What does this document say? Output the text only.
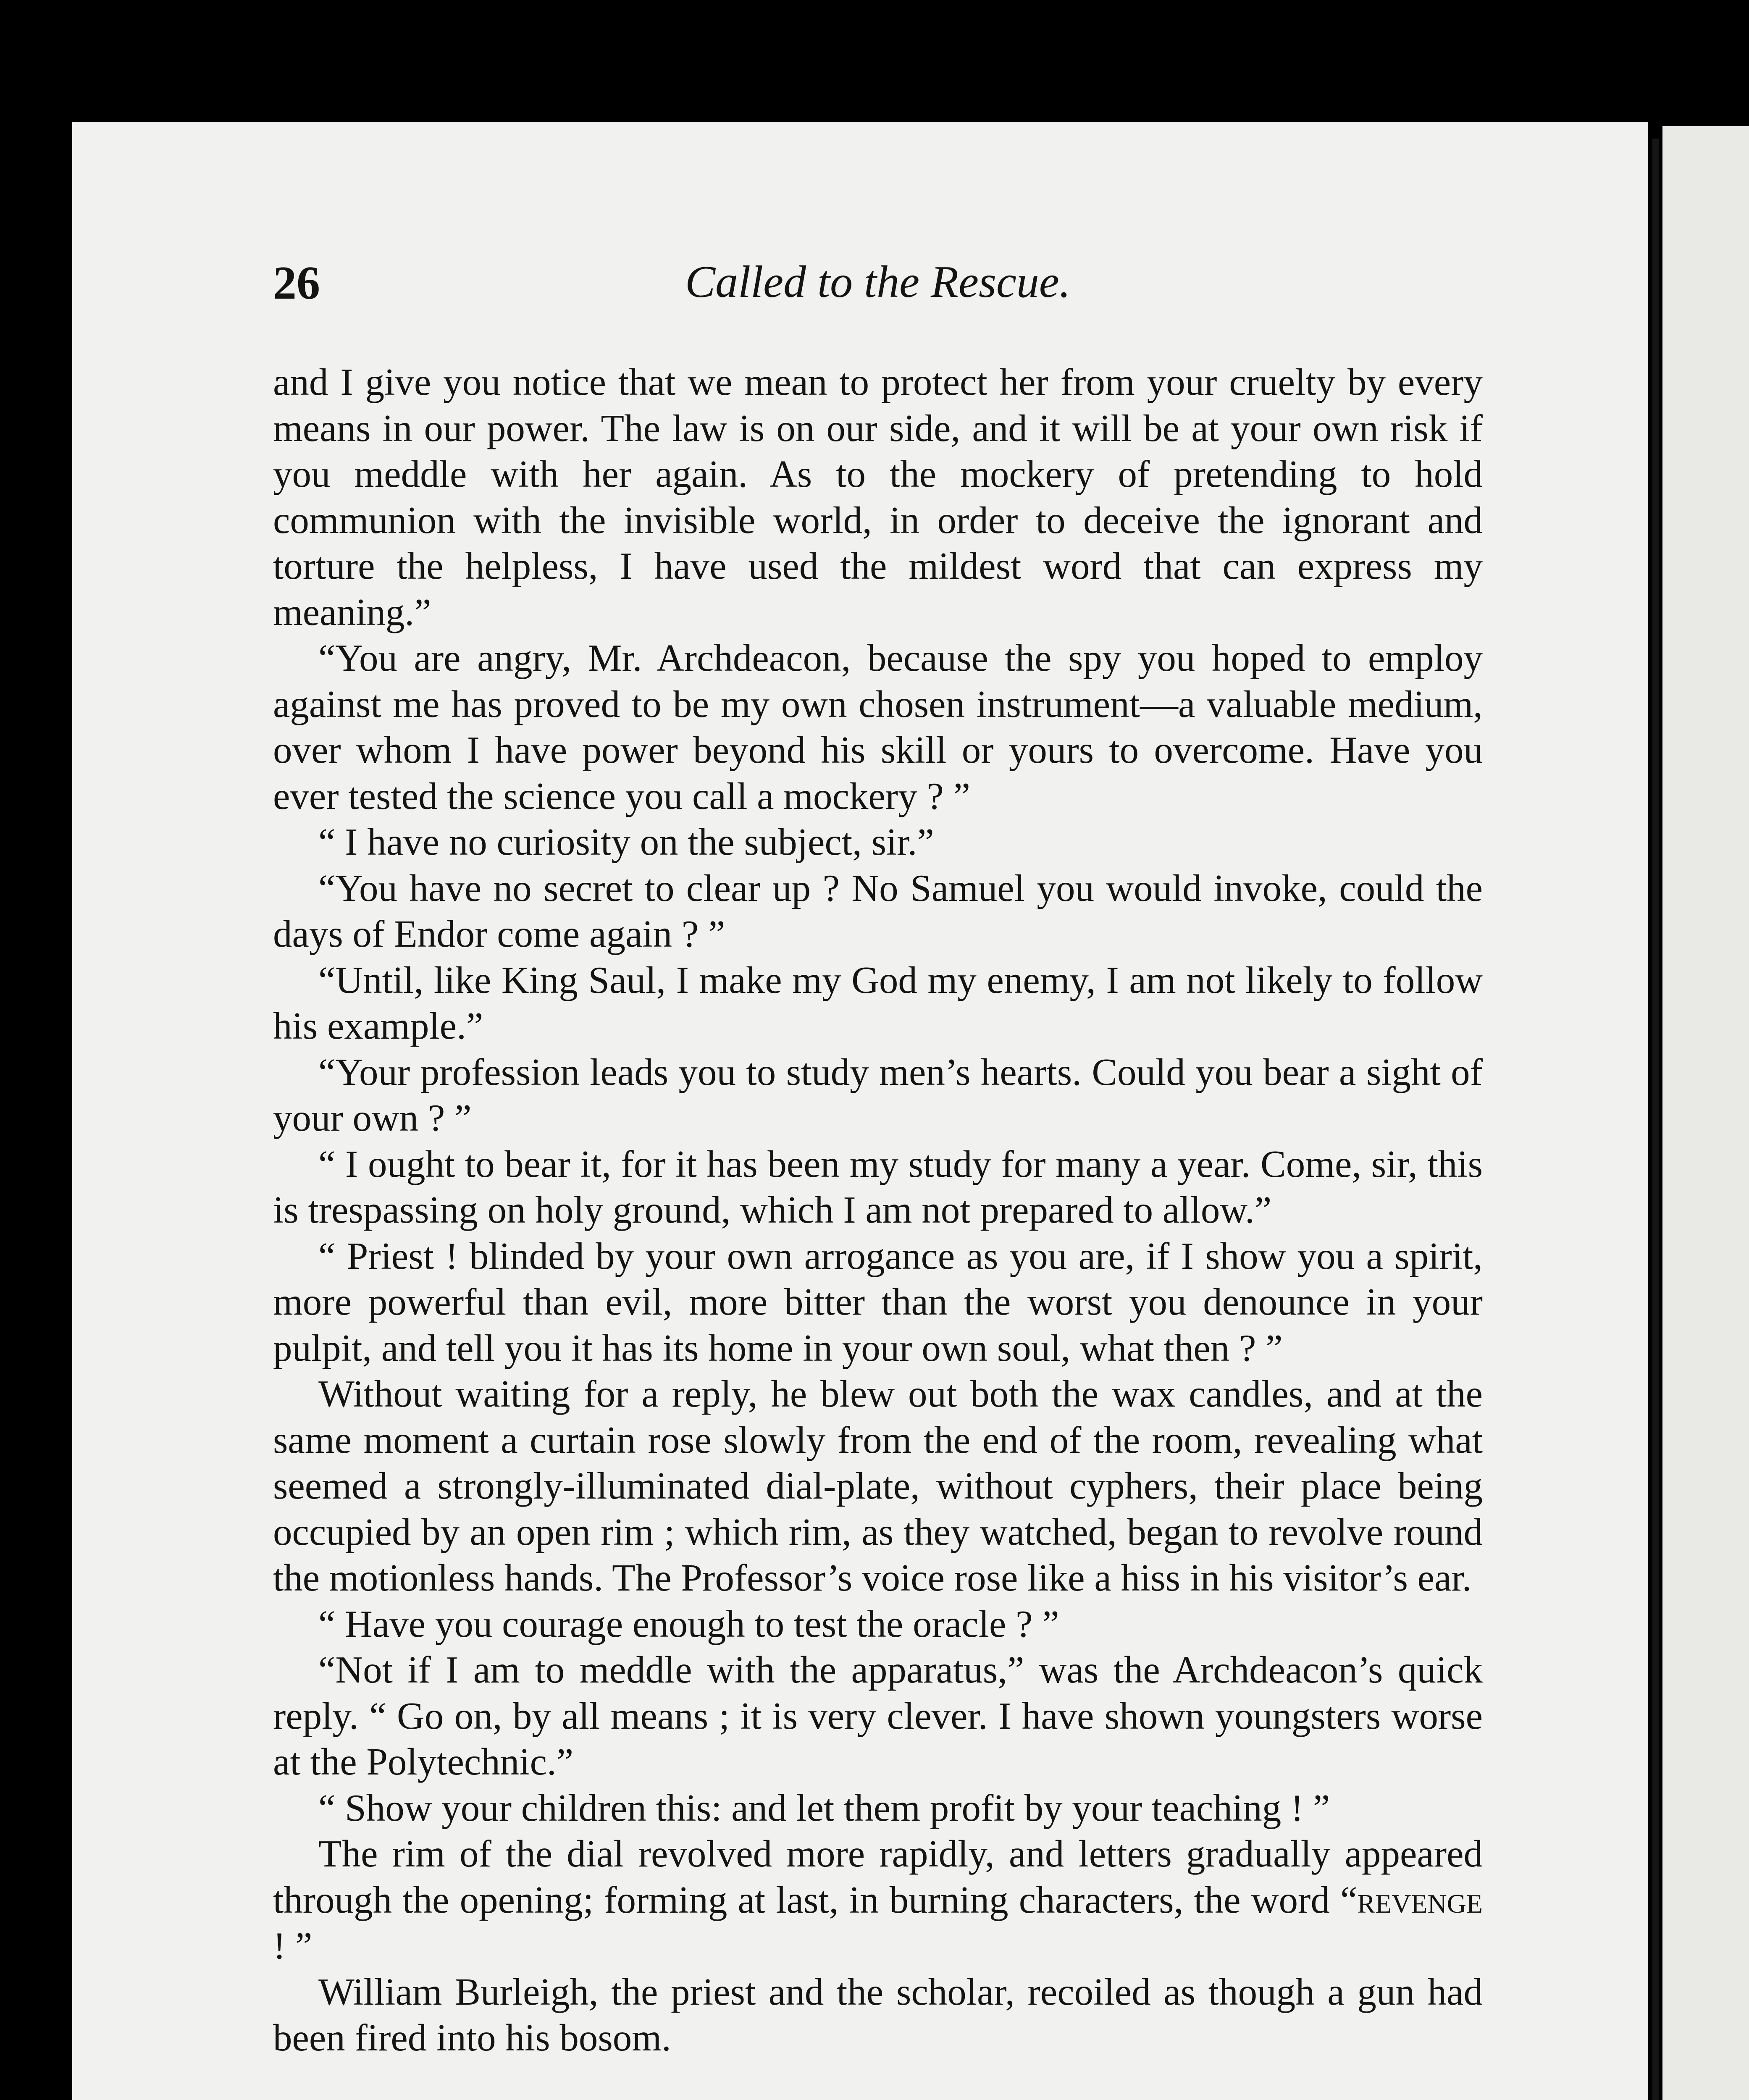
26	Called to the Rescue.

and I give you notice that we mean to protect her from your cruelty by every means in our power. The law is on our side, and it will be at your own risk if you meddle with her again. As to the mockery of pretending to hold communion with the invisible world, in order to deceive the ignorant and torture the helpless, I have used the mildest word that can express my meaning.”

“You are angry, Mr. Archdeacon, because the spy you hoped to employ against me has proved to be my own chosen instrument—a valuable medium, over whom I have power beyond his skill or yours to overcome. Have you ever tested the science you call a mockery ? ”

“ I have no curiosity on the subject, sir.”

“You have no secret to clear up ? No Samuel you would invoke, could the days of Endor come again ? ”

“Until, like King Saul, I make my God my enemy, I am not likely to follow his example.”

“Your profession leads you to study men’s hearts. Could you bear a sight of your own ? ”

“ I ought to bear it, for it has been my study for many a year. Come, sir, this is trespassing on holy ground, which I am not prepared to allow.”

“ Priest ! blinded by your own arrogance as you are, if I show you a spirit, more powerful than evil, more bitter than the worst you denounce in your pulpit, and tell you it has its home in your own soul, what then ? ”

Without waiting for a reply, he blew out both the wax candles, and at the same moment a curtain rose slowly from the end of the room, revealing what seemed a strongly-illuminated dial-plate, without cyphers, their place being occupied by an open rim ; which rim, as they watched, began to revolve round the motionless hands. The Professor’s voice rose like a hiss in his visitor’s ear.

“ Have you courage enough to test the oracle ? ”

“Not if I am to meddle with the apparatus,” was the Archdeacon’s quick reply. “ Go on, by all means ; it is very clever. I have shown youngsters worse at the Polytechnic.”

“ Show your children this: and let them profit by your teaching ! ”

The rim of the dial revolved more rapidly, and letters gradually appeared through the opening; forming at last, in burning characters, the word “revenge ! ”

William Burleigh, the priest and the scholar, recoiled as though a gun had been fired into his bosom.
